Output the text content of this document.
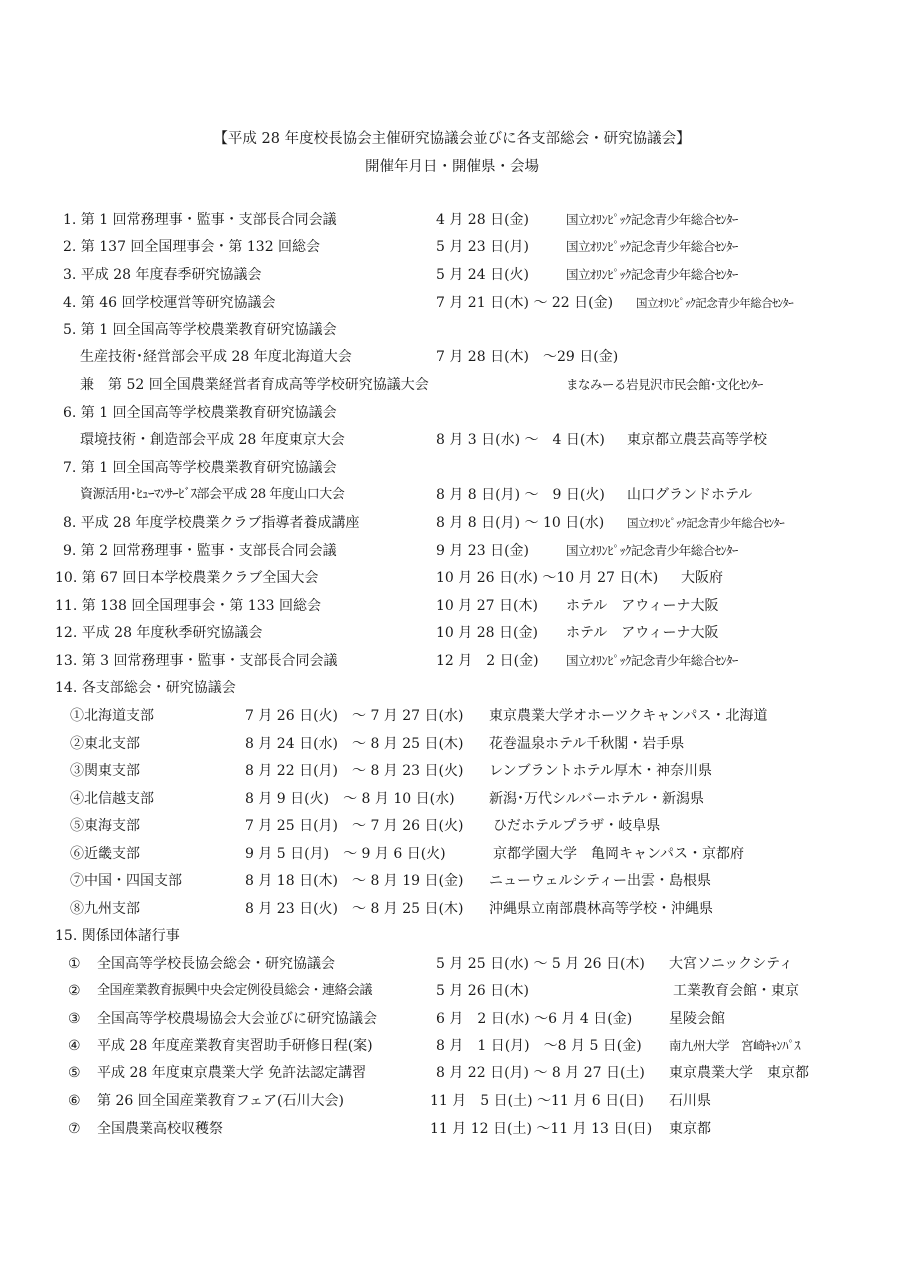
【平成 28 年度校長協会主催研究協議会並びに各支部総会・研究協議会】
開催年月日・開催県・会場
1. 第 1 回常務理事・監事・支部長合同会議	4 月 28 日(金)	国立ｵﾘﾝﾋﾟｯｸ記念青少年総合ｾﾝﾀｰ
2. 第 137 回全国理事会・第 132 回総会	5 月 23 日(月)	国立ｵﾘﾝﾋﾟｯｸ記念青少年総合ｾﾝﾀｰ
3. 平成 28 年度春季研究協議会	5 月 24 日(火)	国立ｵﾘﾝﾋﾟｯｸ記念青少年総合ｾﾝﾀｰ
4. 第 46 回学校運営等研究協議会	7 月 21 日(木) ～ 22 日(金) 国立ｵﾘﾝﾋﾟｯｸ記念青少年総合ｾﾝﾀｰ
5. 第 1 回全国高等学校農業教育研究協議会
生産技術･経営部会平成 28 年度北海道大会	7 月 28 日(木)　～29 日(金)
兼　第 52 回全国農業経営者育成高等学校研究協議大会	まなみーる岩見沢市民会館･文化ｾﾝﾀｰ
6. 第 1 回全国高等学校農業教育研究協議会
環境技術・創造部会平成 28 年度東京大会	8 月 3 日(水) ～　4 日(木) 東京都立農芸高等学校
7. 第 1 回全国高等学校農業教育研究協議会
資源活用･ﾋｭｰﾏﾝｻｰﾋﾞｽ部会平成 28 年度山口大会	8 月 8 日(月) ～　9 日(火) 山口グランドホテル
8. 平成 28 年度学校農業クラブ指導者養成講座	8 月 8 日(月) ～ 10 日(水) 国立ｵﾘﾝﾋﾟｯｸ記念青少年総合ｾﾝﾀｰ
9. 第 2 回常務理事・監事・支部長合同会議	9 月 23 日(金)	国立ｵﾘﾝﾋﾟｯｸ記念青少年総合ｾﾝﾀｰ
10. 第 67 回日本学校農業クラブ全国大会	10 月 26 日(水) ～10 月 27 日(木) 大阪府
11. 第 138 回全国理事会・第 133 回総会	10 月 27 日(木) ホテル　アウィーナ大阪
12. 平成 28 年度秋季研究協議会	10 月 28 日(金) ホテル　アウィーナ大阪
13. 第 3 回常務理事・監事・支部長合同会議	12 月　2 日(金) 国立ｵﾘﾝﾋﾟｯｸ記念青少年総合ｾﾝﾀｰ
14. 各支部総会・研究協議会
①北海道支部	7 月 26 日(火)　～ 7 月 27 日(水) 東京農業大学オホーツクキャンパス・北海道
②東北支部	8 月 24 日(水)　～ 8 月 25 日(木) 花巻温泉ホテル千秋閣・岩手県
③関東支部	8 月 22 日(月)　～ 8 月 23 日(火) レンブラントホテル厚木・神奈川県
④北信越支部	8 月 9 日(火)　～ 8 月 10 日(水) 新潟･万代シルバーホテル・新潟県
⑤東海支部	7 月 25 日(月)　～ 7 月 26 日(火) ひだホテルプラザ・岐阜県
⑥近畿支部	9 月 5 日(月)　～ 9 月 6 日(火)	京都学園大学　亀岡キャンパス・京都府
⑦中国・四国支部	8 月 18 日(木)　～ 8 月 19 日(金) ニューウェルシティー出雲・島根県
⑧九州支部	8 月 23 日(火)　～ 8 月 25 日(木) 沖縄県立南部農林高等学校・沖縄県
15. 関係団体諸行事
① 全国高等学校長協会総会・研究協議会	5 月 25 日(水) ～ 5 月 26 日(木) 大宮ソニックシティ
② 全国産業教育振興中央会定例役員総会・連絡会議	5 月 26 日(木)	工業教育会館・東京
③ 全国高等学校農場協会大会並びに研究協議会	6 月　2 日(水) ～6 月 4 日(金)	星陵会館
④ 平成 28 年度産業教育実習助手研修日程(案)	8 月　1 日(月)　～8 月 5 日(金) 南九州大学　宮崎ｷｬﾝﾊﾟｽ
⑤ 平成 28 年度東京農業大学 免許法認定講習	8 月 22 日(月) ～ 8 月 27 日(土) 東京農業大学　東京都
⑥ 第 26 回全国産業教育フェア(石川大会)	11 月　5 日(土) ～11 月 6 日(日) 石川県
⑦ 全国農業高校収穫祭	11 月 12 日(土) ～11 月 13 日(日) 東京都
